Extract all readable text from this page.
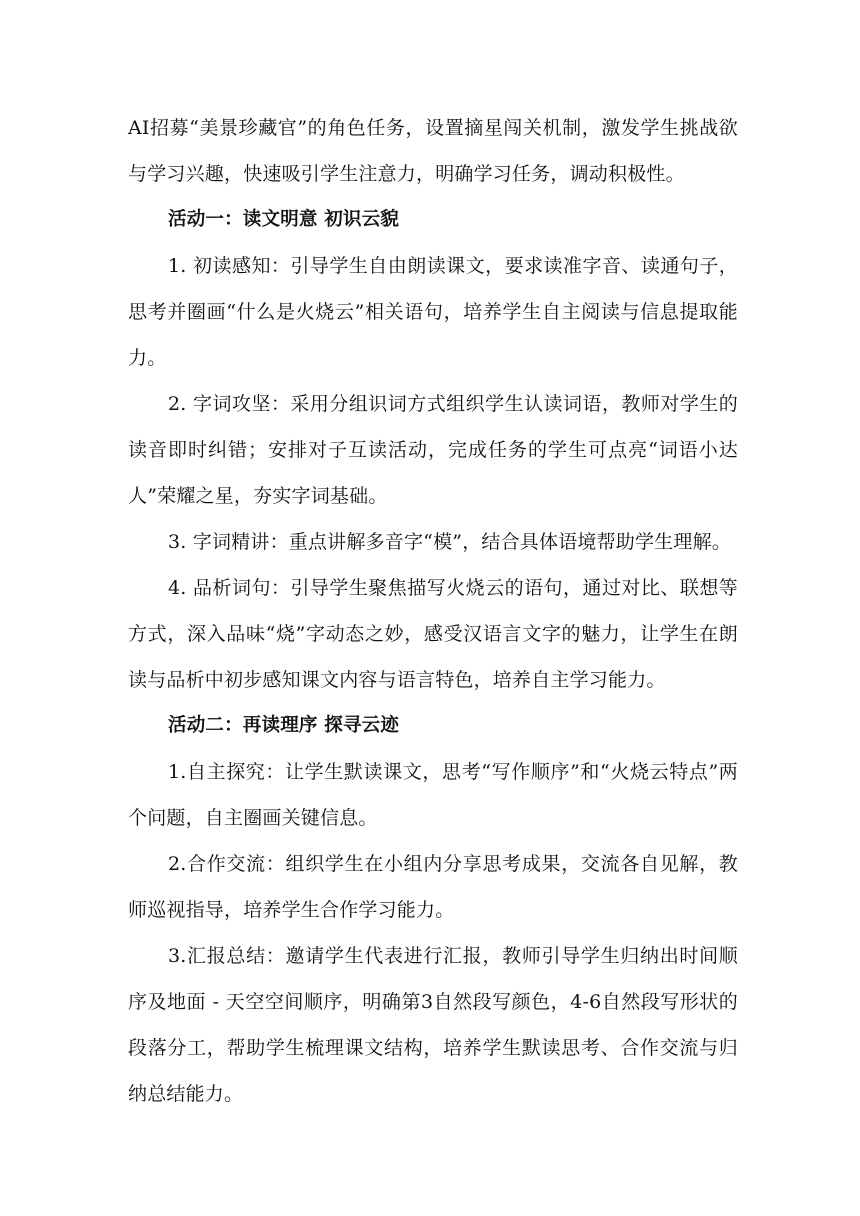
AI招募“美景珍藏官”的角色任务，设置摘星闯关机制，激发学生挑战欲与学习兴趣，快速吸引学生注意力，明确学习任务，调动积极性。

活动一：读文明意 初识云貌

1. 初读感知：引导学生自由朗读课文，要求读准字音、读通句子，思考并圈画“什么是火烧云”相关语句，培养学生自主阅读与信息提取能力。

2. 字词攻坚：采用分组识词方式组织学生认读词语，教师对学生的读音即时纠错；安排对子互读活动，完成任务的学生可点亮“词语小达人”荣耀之星，夯实字词基础。

3. 字词精讲：重点讲解多音字“模”，结合具体语境帮助学生理解。

4. 品析词句：引导学生聚焦描写火烧云的语句，通过对比、联想等方式，深入品味“烧”字动态之妙，感受汉语言文字的魅力，让学生在朗读与品析中初步感知课文内容与语言特色，培养自主学习能力。

活动二：再读理序 探寻云迹

1.自主探究：让学生默读课文，思考“写作顺序”和“火烧云特点”两个问题，自主圈画关键信息。

2.合作交流：组织学生在小组内分享思考成果，交流各自见解，教师巡视指导，培养学生合作学习能力。

3.汇报总结：邀请学生代表进行汇报，教师引导学生归纳出时间顺序及地面 - 天空空间顺序，明确第3自然段写颜色，4-6自然段写形状的段落分工，帮助学生梳理课文结构，培养学生默读思考、合作交流与归纳总结能力。
